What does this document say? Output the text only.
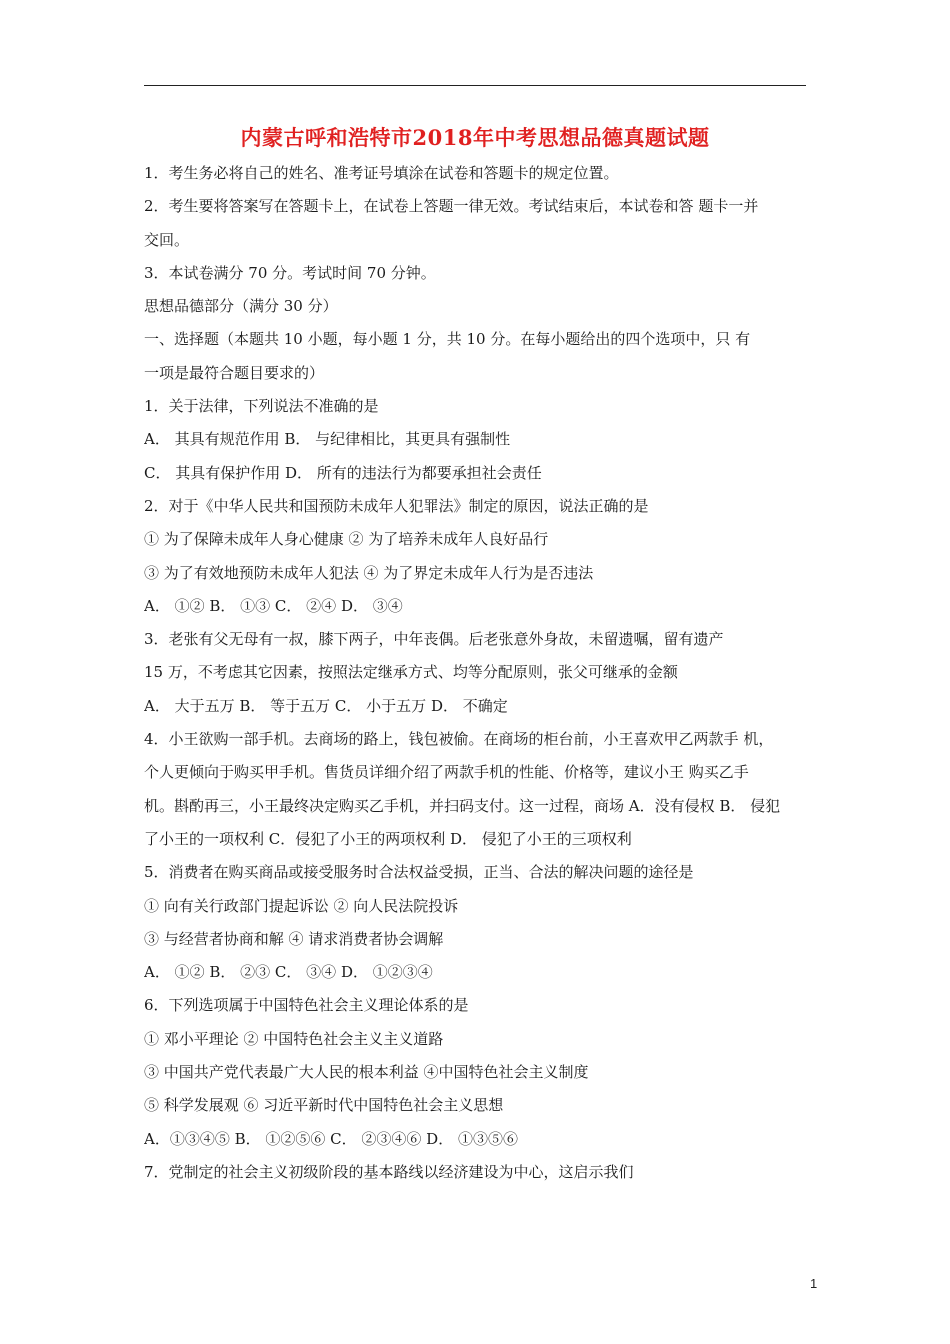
内蒙古呼和浩特市2018年中考思想品德真题试题
1．考生务必将自己的姓名、准考证号填涂在试卷和答题卡的规定位置。
2．考生要将答案写在答题卡上，在试卷上答题一律无效。考试结束后，本试卷和答 题卡一并
交回。
3．本试卷满分 70 分。考试时间 70 分钟。
思想品德部分（满分 30 分）
一、选择题（本题共 10 小题，每小题 1 分，共 10 分。在每小题给出的四个选项中，只 有
一项是最符合题目要求的）
1．关于法律，下列说法不准确的是
A． 其具有规范作用 B． 与纪律相比，其更具有强制性
C． 其具有保护作用 D． 所有的违法行为都要承担社会责任
2．对于《中华人民共和国预防未成年人犯罪法》制定的原因，说法正确的是
① 为了保障未成年人身心健康 ② 为了培养未成年人良好品行
③ 为了有效地预防未成年人犯法 ④ 为了界定未成年人行为是否违法
A． ①② B． ①③ C． ②④ D． ③④
3．老张有父无母有一叔，膝下两子，中年丧偶。后老张意外身故，未留遗嘱，留有遗产
15 万，不考虑其它因素，按照法定继承方式、均等分配原则，张父可继承的金额
A． 大于五万 B． 等于五万 C． 小于五万 D． 不确定
4．小王欲购一部手机。去商场的路上，钱包被偷。在商场的柜台前，小王喜欢甲乙两款手 机，
个人更倾向于购买甲手机。售货员详细介绍了两款手机的性能、价格等，建议小王 购买乙手
机。斟酌再三，小王最终决定购买乙手机，并扫码支付。这一过程，商场 A．没有侵权 B． 侵犯
了小王的一项权利 C．侵犯了小王的两项权利 D． 侵犯了小王的三项权利
5．消费者在购买商品或接受服务时合法权益受损，正当、合法的解决问题的途径是
① 向有关行政部门提起诉讼 ② 向人民法院投诉
③ 与经营者协商和解 ④ 请求消费者协会调解
A． ①② B． ②③ C． ③④ D． ①②③④
6．下列选项属于中国特色社会主义理论体系的是
① 邓小平理论 ② 中国特色社会主义主义道路
③ 中国共产党代表最广大人民的根本利益 ④中国特色社会主义制度
⑤ 科学发展观 ⑥ 习近平新时代中国特色社会主义思想
A．①③④⑤ B． ①②⑤⑥ C． ②③④⑥ D． ①③⑤⑥
7．党制定的社会主义初级阶段的基本路线以经济建设为中心，这启示我们
1
